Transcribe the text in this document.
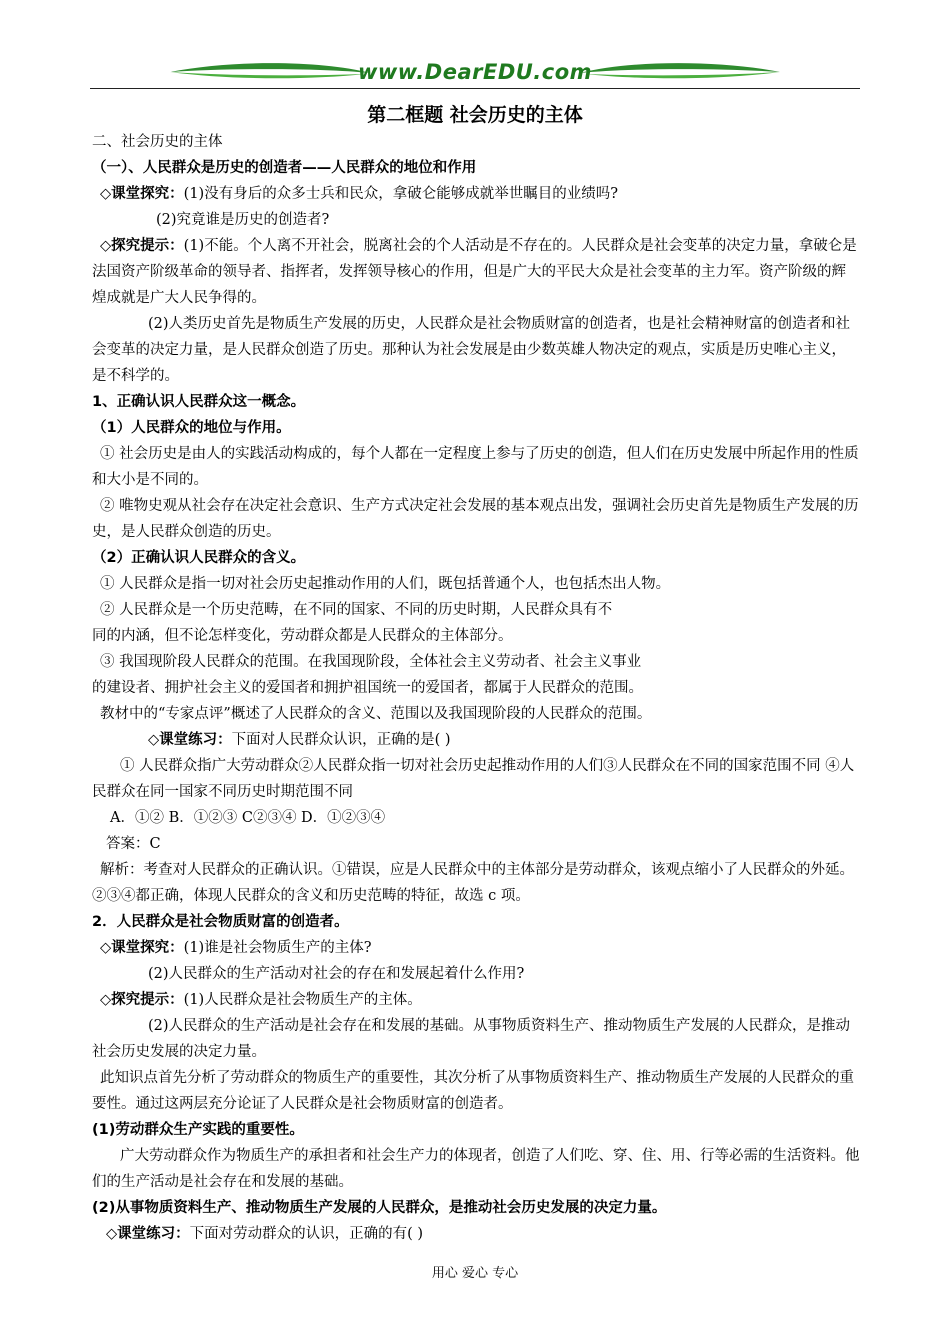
www.DearEDU.com
第二框题 社会历史的主体

二、社会历史的主体

（一）、人民群众是历史的创造者——人民群众的地位和作用

◇课堂探究：(1)没有身后的众多士兵和民众，拿破仑能够成就举世瞩目的业绩吗?

(2)究竟谁是历史的创造者?

◇探究提示：(1)不能。个人离不开社会，脱离社会的个人活动是不存在的。人民群众是社会变革的决定力量，拿破仑是法国资产阶级革命的领导者、指挥者，发挥领导核心的作用，但是广大的平民大众是社会变革的主力军。资产阶级的辉煌成就是广大人民争得的。

(2)人类历史首先是物质生产发展的历史，人民群众是社会物质财富的创造者，也是社会精神财富的创造者和社会变革的决定力量，是人民群众创造了历史。那种认为社会发展是由少数英雄人物决定的观点，实质是历史唯心主义，是不科学的。

1、正确认识人民群众这一概念。

（1）人民群众的地位与作用。

① 社会历史是由人的实践活动构成的，每个人都在一定程度上参与了历史的创造，但人们在历史发展中所起作用的性质和大小是不同的。

② 唯物史观从社会存在决定社会意识、生产方式决定社会发展的基本观点出发，强调社会历史首先是物质生产发展的历史，是人民群众创造的历史。

（2）正确认识人民群众的含义。

① 人民群众是指一切对社会历史起推动作用的人们，既包括普通个人，也包括杰出人物。

② 人民群众是一个历史范畴，在不同的国家、不同的历史时期，人民群众具有不

同的内涵，但不论怎样变化，劳动群众都是人民群众的主体部分。

③ 我国现阶段人民群众的范围。在我国现阶段，全体社会主义劳动者、社会主义事业

的建设者、拥护社会主义的爱国者和拥护祖国统一的爱国者，都属于人民群众的范围。

教材中的“专家点评”概述了人民群众的含义、范围以及我国现阶段的人民群众的范围。

◇课堂练习：下面对人民群众认识，正确的是( )

① 人民群众指广大劳动群众②人民群众指一切对社会历史起推动作用的人们③人民群众在不同的国家范围不同 ④人民群众在同一国家不同历史时期范围不同

A．①② B．①②③ C②③④ D．①②③④

答案：C

解析：考查对人民群众的正确认识。①错误，应是人民群众中的主体部分是劳动群众，该观点缩小了人民群众的外延。②③④都正确，体现人民群众的含义和历史范畴的特征，故选 c 项。

2．人民群众是社会物质财富的创造者。

◇课堂探究：(1)谁是社会物质生产的主体?

(2)人民群众的生产活动对社会的存在和发展起着什么作用?

◇探究提示：(1)人民群众是社会物质生产的主体。

(2)人民群众的生产活动是社会存在和发展的基础。从事物质资料生产、推动物质生产发展的人民群众，是推动社会历史发展的决定力量。

此知识点首先分析了劳动群众的物质生产的重要性，其次分析了从事物质资料生产、推动物质生产发展的人民群众的重要性。通过这两层充分论证了人民群众是社会物质财富的创造者。

(1)劳动群众生产实践的重要性。

广大劳动群众作为物质生产的承担者和社会生产力的体现者，创造了人们吃、穿、住、用、行等必需的生活资料。他们的生产活动是社会存在和发展的基础。

(2)从事物质资料生产、推动物质生产发展的人民群众，是推动社会历史发展的决定力量。

◇课堂练习：下面对劳动群众的认识，正确的有( )

用心 爱心 专心
